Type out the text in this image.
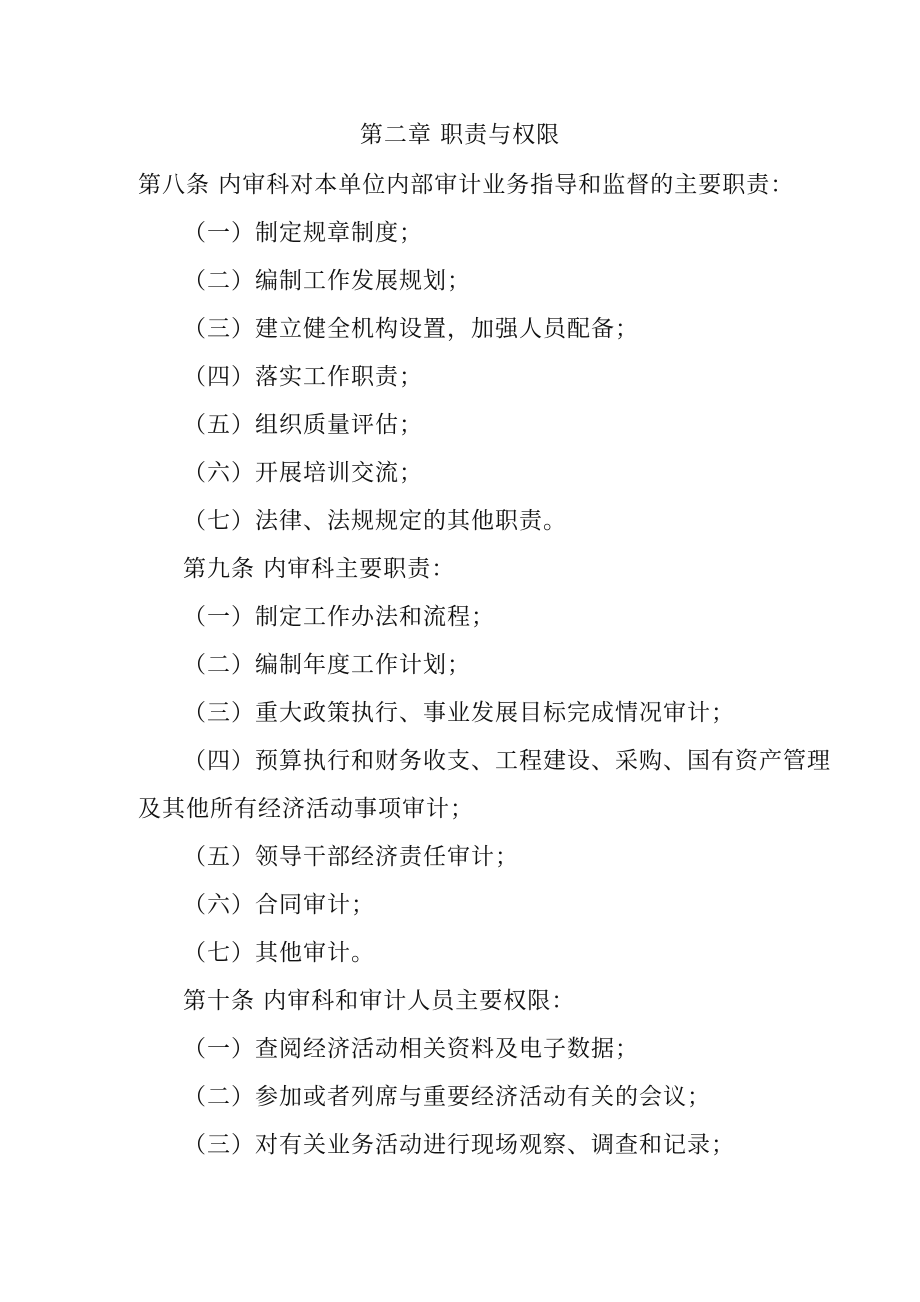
第二章 职责与权限
第八条 内审科对本单位内部审计业务指导和监督的主要职责：
（一）制定规章制度；
（二）编制工作发展规划；
（三）建立健全机构设置，加强人员配备；
（四）落实工作职责；
（五）组织质量评估；
（六）开展培训交流；
（七）法律、法规规定的其他职责。
第九条 内审科主要职责：
（一）制定工作办法和流程；
（二）编制年度工作计划；
（三）重大政策执行、事业发展目标完成情况审计；
（四）预算执行和财务收支、工程建设、采购、国有资产管理
及其他所有经济活动事项审计；
（五）领导干部经济责任审计；
（六）合同审计；
（七）其他审计。
第十条 内审科和审计人员主要权限：
（一）查阅经济活动相关资料及电子数据；
（二）参加或者列席与重要经济活动有关的会议；
（三）对有关业务活动进行现场观察、调查和记录；
